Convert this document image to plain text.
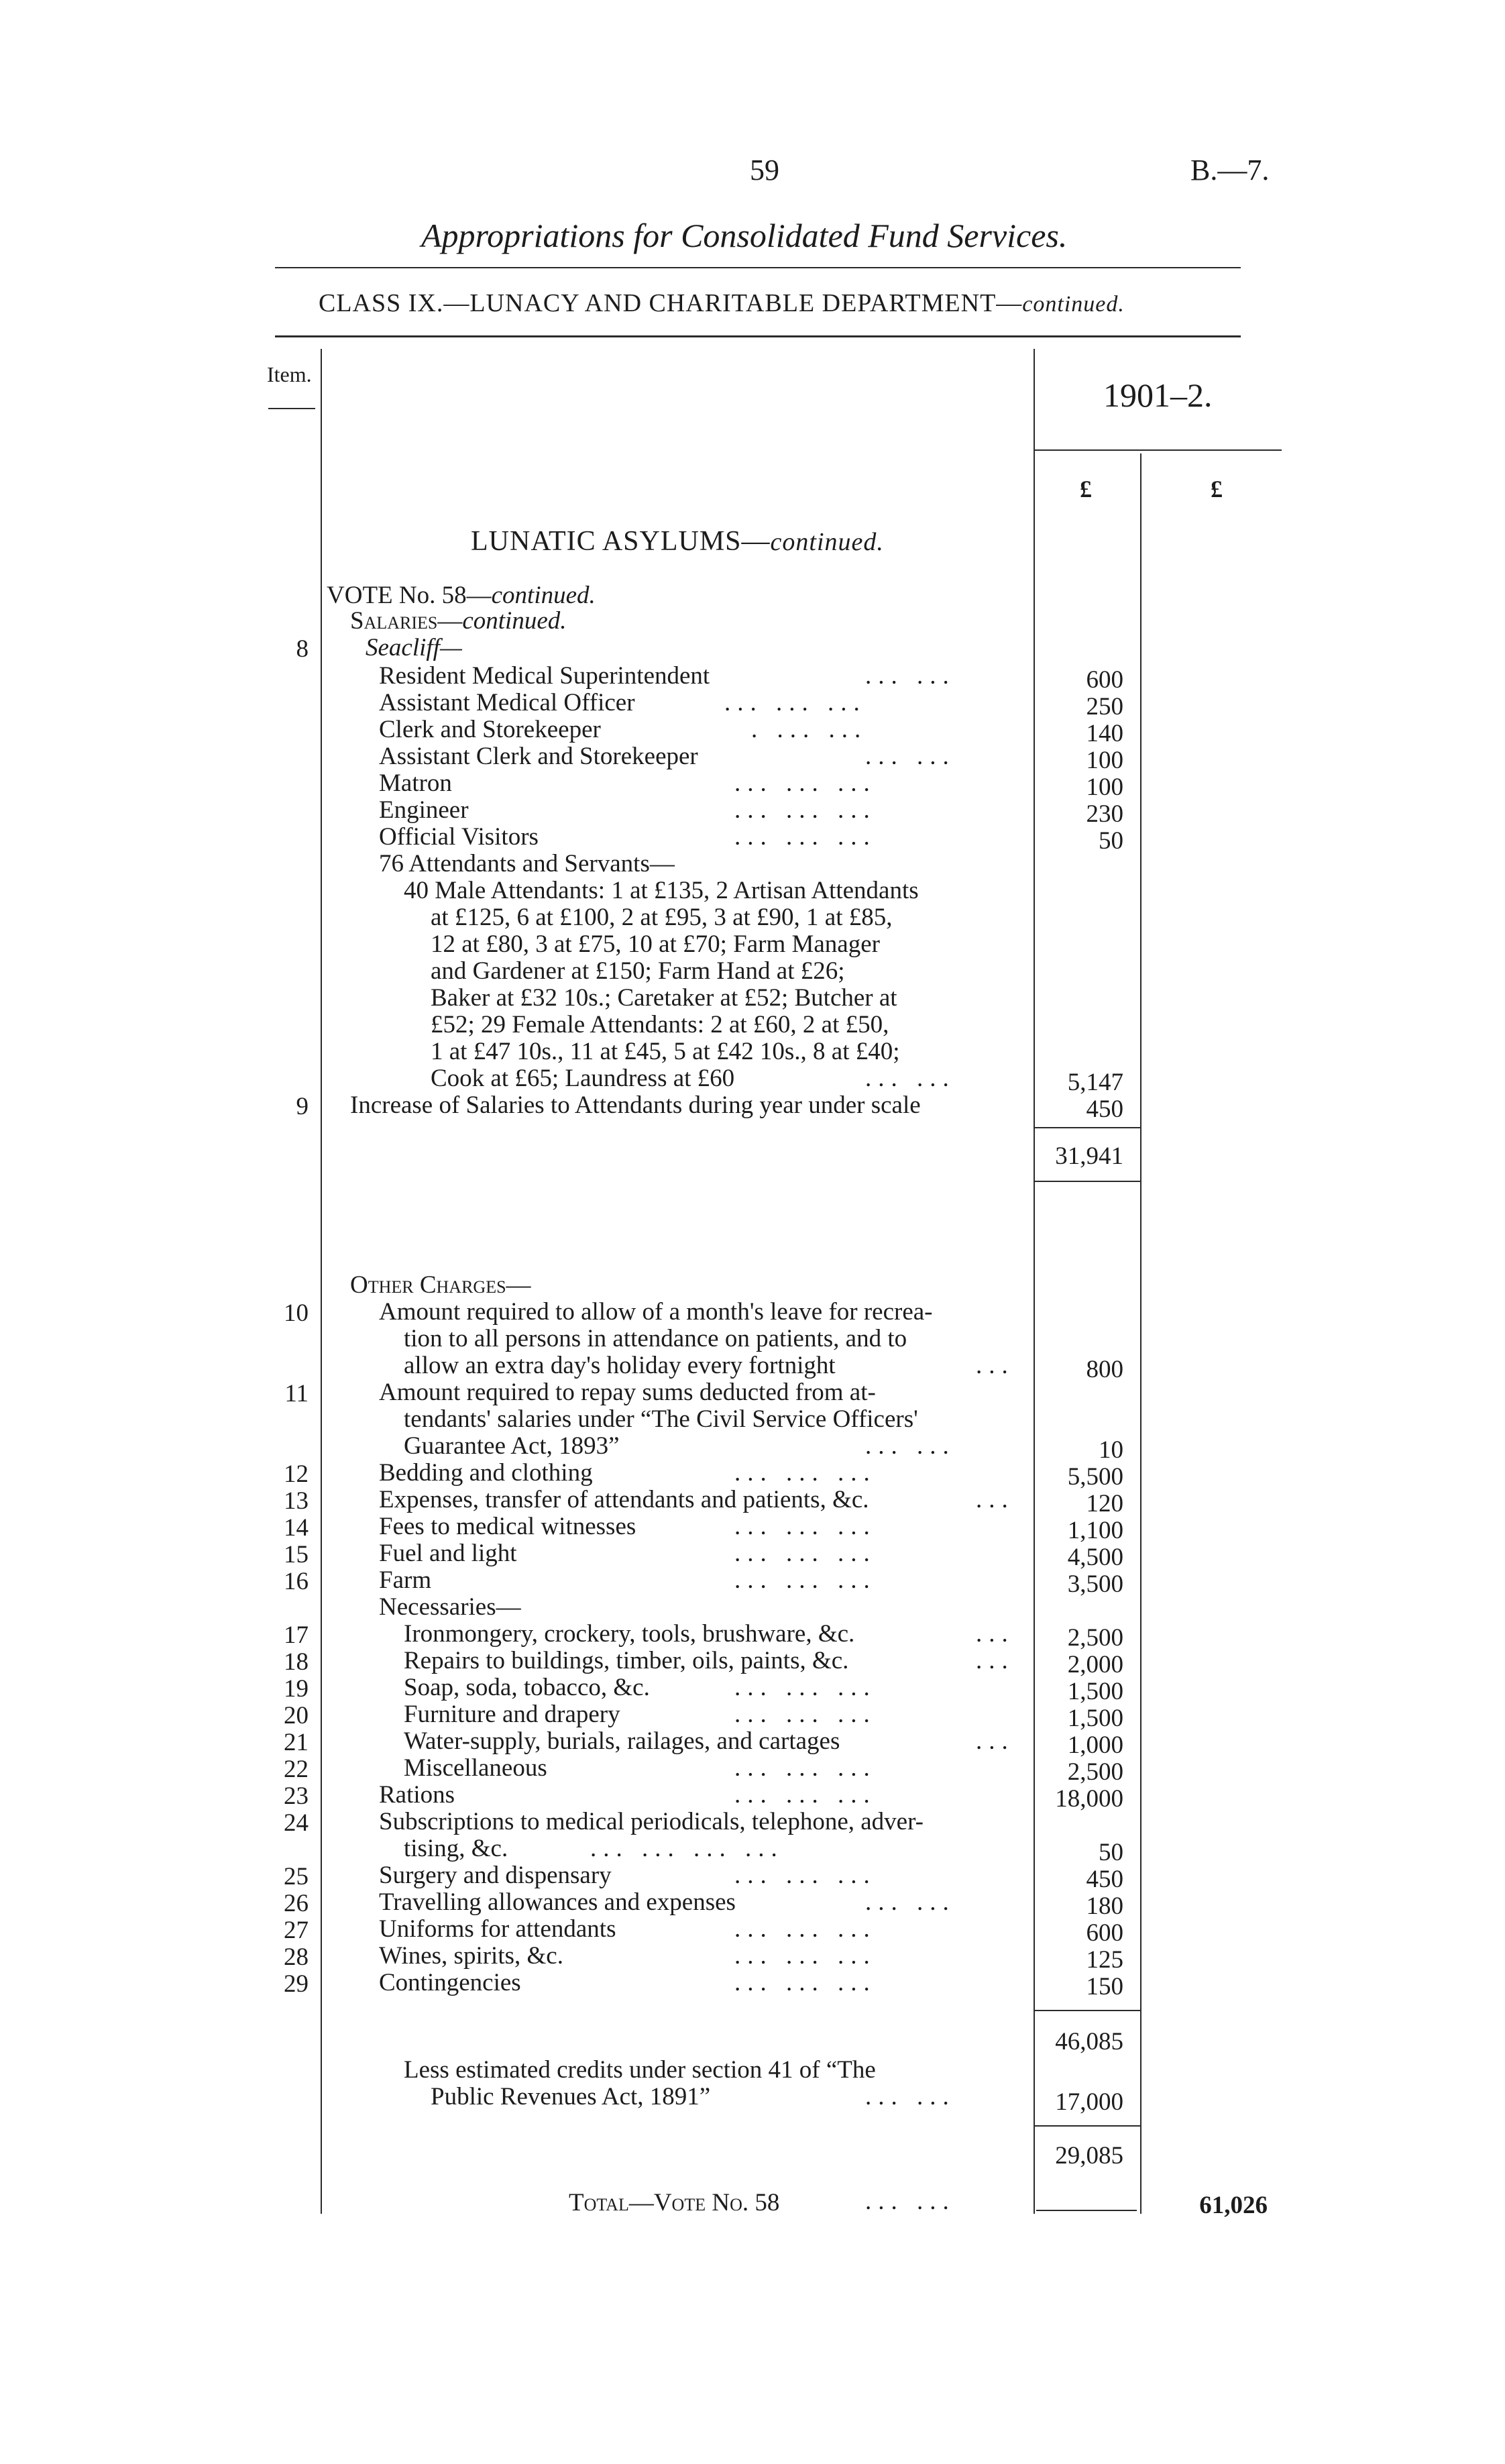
59	B.—7.
Appropriations for Consolidated Fund Services.
CLASS IX.—LUNACY AND CHARITABLE DEPARTMENT—continued.
Item.
1901–2.
£	£
LUNATIC ASYLUMS—continued.
VOTE No. 58—continued.
Salaries—continued.
Seacliff—
8
Resident Medical Superintendent	... ...	600
Assistant Medical Officer	... ... ...	250
Clerk and Storekeeper	. ... ...	140
Assistant Clerk and Storekeeper	... ...	100
Matron	... ... ...	100
Engineer	... ... ...	230
Official Visitors	... ... ...	50
76 Attendants and Servants—
40 Male Attendants: 1 at £135, 2 Artisan Attendants
at £125, 6 at £100, 2 at £95, 3 at £90, 1 at £85,
12 at £80, 3 at £75, 10 at £70; Farm Manager
and Gardener at £150; Farm Hand at £26;
Baker at £32 10s.; Caretaker at £52; Butcher at
£52; 29 Female Attendants: 2 at £60, 2 at £50,
1 at £47 10s., 11 at £45, 5 at £42 10s., 8 at £40;
Cook at £65; Laundress at £60	... ...	5,147
9 Increase of Salaries to Attendants during year under scale	450
31,941
Other Charges—
10	Amount required to allow of a month's leave for recrea-
tion to all persons in attendance on patients, and to
allow an extra day's holiday every fortnight	...	800
11	Amount required to repay sums deducted from at-
tendants' salaries under “The Civil Service Officers'
Guarantee Act, 1893”	... ...	10
12	Bedding and clothing	... ... ...	5,500
13	Expenses, transfer of attendants and patients, &c.	...	120
14	Fees to medical witnesses	... ... ...	1,100
15	Fuel and light	... ... ...	4,500
16	Farm	... ... ...	3,500
Necessaries—
17	Ironmongery, crockery, tools, brushware, &c.	...	2,500
18	Repairs to buildings, timber, oils, paints, &c.	...	2,000
19	Soap, soda, tobacco, &c.	... ... ...	1,500
20	Furniture and drapery	... ... ...	1,500
21	Water-supply, burials, railages, and cartages	...	1,000
22	Miscellaneous	... ... ...	2,500
23	Rations	... ... ...	18,000
24	Subscriptions to medical periodicals, telephone, adver-
tising, &c.	... ... ... ...	50
25	Surgery and dispensary	... ... ...	450
26	Travelling allowances and expenses	... ...	180
27	Uniforms for attendants	... ... ...	600
28	Wines, spirits, &c.	... ... ...	125
29	Contingencies	... ... ...	150
46,085
Less estimated credits under section 41 of “The
Public Revenues Act, 1891”	... ...	17,000
29,085
Total—Vote No. 58	... ...	61,026
